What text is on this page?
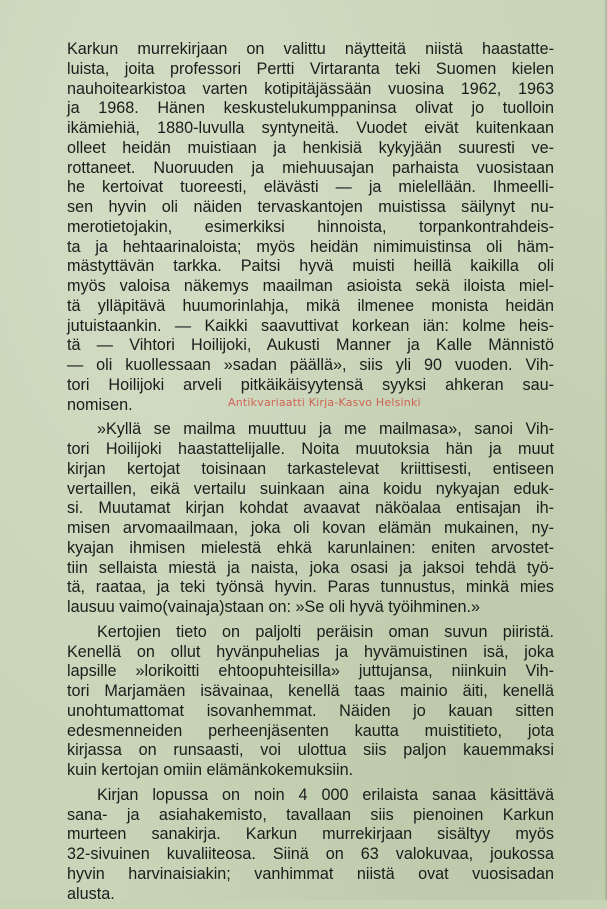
Karkun murrekirjaan on valittu näytteitä niistä haastatte-
luista, joita professori Pertti Virtaranta teki Suomen kielen
nauhoitearkistoa varten kotipitäjässään vuosina 1962, 1963
ja 1968. Hänen keskustelukumppaninsa olivat jo tuolloin
ikämiehiä, 1880-luvulla syntyneitä. Vuodet eivät kuitenkaan
olleet heidän muistiaan ja henkisiä kykyjään suuresti ve-
rottaneet. Nuoruuden ja miehuusajan parhaista vuosistaan
he kertoivat tuoreesti, elävästi — ja mielellään. Ihmeelli-
sen hyvin oli näiden tervaskantojen muistissa säilynyt nu-
merotietojakin, esimerkiksi hinnoista, torpankontrahdeis-
ta ja hehtaarinaloista; myös heidän nimimuistinsa oli häm-
mästyttävän tarkka. Paitsi hyvä muisti heillä kaikilla oli
myös valoisa näkemys maailman asioista sekä iloista miel-
tä ylläpitävä huumorinlahja, mikä ilmenee monista heidän
jutuistaankin. — Kaikki saavuttivat korkean iän: kolme heis-
tä — Vihtori Hoilijoki, Aukusti Manner ja Kalle Männistö
— oli kuollessaan »sadan päällä», siis yli 90 vuoden. Vih-
tori Hoilijoki arveli pitkäikäisyytensä syyksi ahkeran sau-
nomisen.
»Kyllä se mailma muuttuu ja me mailmasa», sanoi Vih-
tori Hoilijoki haastattelijalle. Noita muutoksia hän ja muut
kirjan kertojat toisinaan tarkastelevat kriittisesti, entiseen
vertaillen, eikä vertailu suinkaan aina koidu nykyajan eduk-
si. Muutamat kirjan kohdat avaavat näköalaa entisajan ih-
misen arvomaailmaan, joka oli kovan elämän mukainen, ny-
kyajan ihmisen mielestä ehkä karunlainen: eniten arvostet-
tiin sellaista miestä ja naista, joka osasi ja jaksoi tehdä työ-
tä, raataa, ja teki työnsä hyvin. Paras tunnustus, minkä mies
lausuu vaimo(vainaja)staan on: »Se oli hyvä työihminen.»
Kertojien tieto on paljolti peräisin oman suvun piiristä.
Kenellä on ollut hyvänpuhelias ja hyvämuistinen isä, joka
lapsille »lorikoitti ehtoopuhteisilla» juttujansa, niinkuin Vih-
tori Marjamäen isävainaa, kenellä taas mainio äiti, kenellä
unohtumattomat isovanhemmat. Näiden jo kauan sitten
edesmenneiden perheenjäsenten kautta muistitieto, jota
kirjassa on runsaasti, voi ulottua siis paljon kauemmaksi
kuin kertojan omiin elämänkokemuksiin.
Kirjan lopussa on noin 4 000 erilaista sanaa käsittävä
sana- ja asiahakemisto, tavallaan siis pienoinen Karkun
murteen sanakirja. Karkun murrekirjaan sisältyy myös
32-sivuinen kuvaliiteosa. Siinä on 63 valokuvaa, joukossa
hyvin harvinaisiakin; vanhimmat niistä ovat vuosisadan
alusta.
Antikvariaatti Kirja-Kasvo Helsinki
